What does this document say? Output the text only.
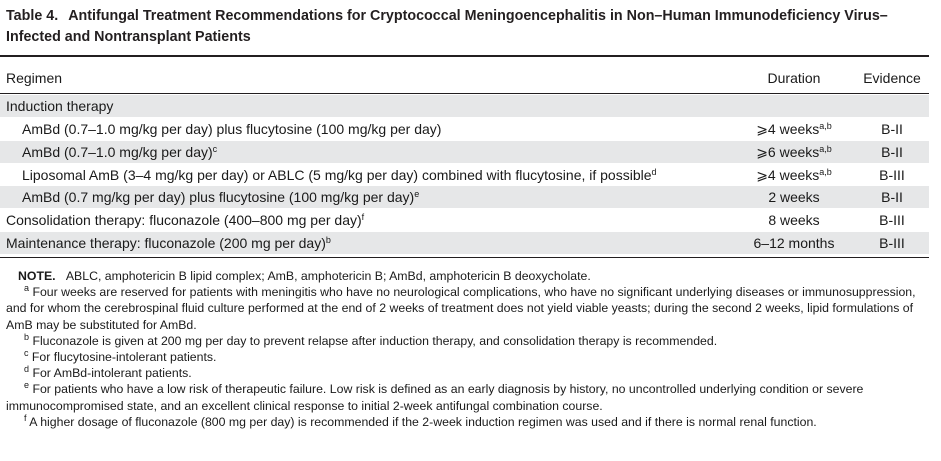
Table 4. Antifungal Treatment Recommendations for Cryptococcal Meningoencephalitis in Non–Human Immunodeficiency Virus–Infected and Nontransplant Patients
Regimen	Duration	Evidence
Induction therapy
AmBd (0.7–1.0 mg/kg per day) plus flucytosine (100 mg/kg per day)	⩾4 weeks$^{a,b}$	B-II
AmBd (0.7–1.0 mg/kg per day)$^c$	⩾6 weeks$^{a,b}$	B-II
Liposomal AmB (3–4 mg/kg per day) or ABLC (5 mg/kg per day) combined with flucytosine, if possible$^d$	⩾4 weeks$^{a,b}$	B-III
AmBd (0.7 mg/kg per day) plus flucytosine (100 mg/kg per day)$^e$	2 weeks	B-II
Consolidation therapy: fluconazole (400–800 mg per day)$^f$	8 weeks	B-III
Maintenance therapy: fluconazole (200 mg per day)$^b$	6–12 months	B-III

NOTE. ABLC, amphotericin B lipid complex; AmB, amphotericin B; AmBd, amphotericin B deoxycholate.

$^a$ Four weeks are reserved for patients with meningitis who have no neurological complications, who have no significant underlying diseases or immunosuppression, and for whom the cerebrospinal fluid culture performed at the end of 2 weeks of treatment does not yield viable yeasts; during the second 2 weeks, lipid formulations of AmB may be substituted for AmBd.

$^b$ Fluconazole is given at 200 mg per day to prevent relapse after induction therapy, and consolidation therapy is recommended.

$^c$ For flucytosine-intolerant patients.

$^d$ For AmBd-intolerant patients.

$^e$ For patients who have a low risk of therapeutic failure. Low risk is defined as an early diagnosis by history, no uncontrolled underlying condition or severe immunocompromised state, and an excellent clinical response to initial 2-week antifungal combination course.

$^f$ A higher dosage of fluconazole (800 mg per day) is recommended if the 2-week induction regimen was used and if there is normal renal function.
